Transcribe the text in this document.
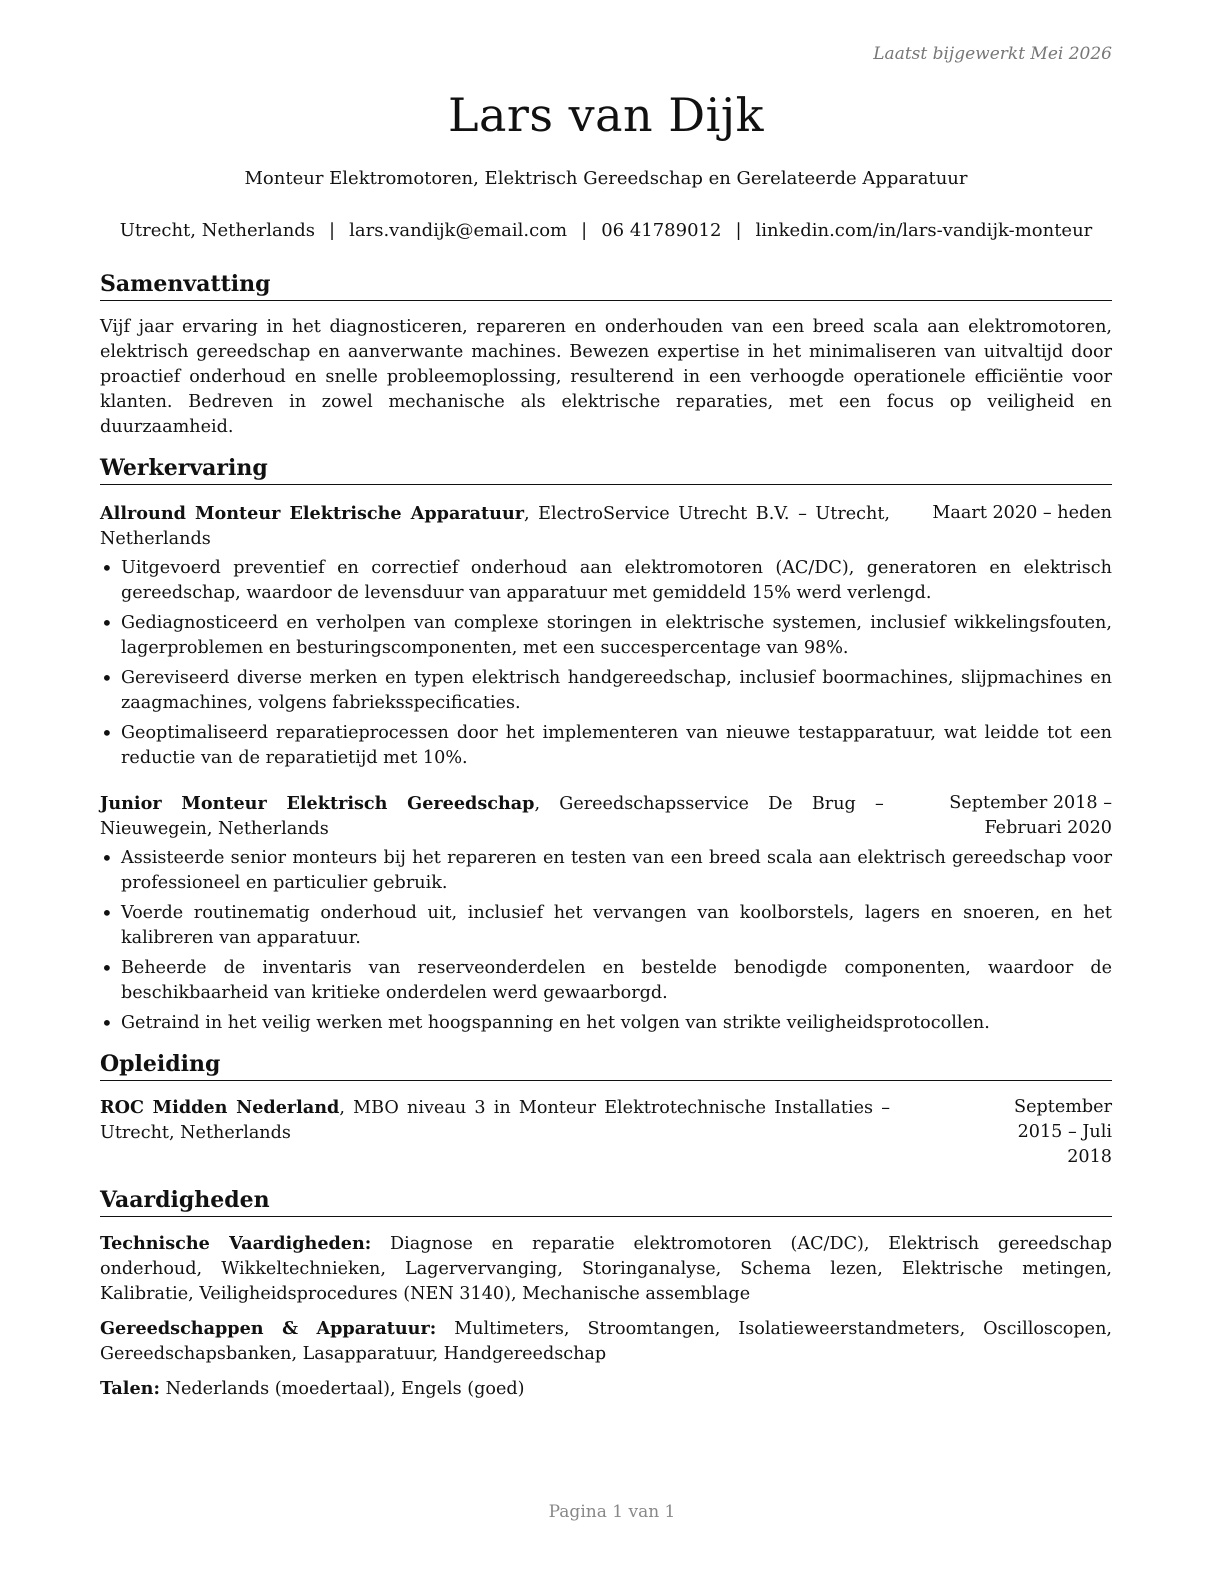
Laatst bijgewerkt Mei 2026
Lars van Dijk
Monteur Elektromotoren, Elektrisch Gereedschap en Gerelateerde Apparatuur
Utrecht, Netherlands | lars.vandijk@email.com | 06 41789012 | linkedin.com/in/lars-vandijk-monteur
Samenvatting

Vijf jaar ervaring in het diagnosticeren, repareren en onderhouden van een breed scala aan elektromotoren, elektrisch gereedschap en aanverwante machines. Bewezen expertise in het minimaliseren van uitvaltijd door proactief onderhoud en snelle probleemoplossing, resulterend in een verhoogde operationele efficiëntie voor klanten. Bedreven in zowel mechanische als elektrische reparaties, met een focus op veiligheid en duurzaamheid.

Werkervaring
Allround Monteur Elektrische Apparatuur, ElectroService Utrecht B.V. – Utrecht, Netherlands
Maart 2020 – heden
• Uitgevoerd preventief en correctief onderhoud aan elektromotoren (AC/DC), generatoren en elektrisch gereedschap, waardoor de levensduur van apparatuur met gemiddeld 15% werd verlengd.
• Gediagnosticeerd en verholpen van complexe storingen in elektrische systemen, inclusief wikkelingsfouten, lagerproblemen en besturingscomponenten, met een succespercentage van 98%.
• Gereviseerd diverse merken en typen elektrisch handgereedschap, inclusief boormachines, slijpmachines en zaagmachines, volgens fabrieksspecificaties.
• Geoptimaliseerd reparatieprocessen door het implementeren van nieuwe testapparatuur, wat leidde tot een reductie van de reparatietijd met 10%.
Junior Monteur Elektrisch Gereedschap, Gereedschapsservice De Brug – Nieuwegein, Netherlands
September 2018 – Februari 2020
• Assisteerde senior monteurs bij het repareren en testen van een breed scala aan elektrisch gereedschap voor professioneel en particulier gebruik.
• Voerde routinematig onderhoud uit, inclusief het vervangen van koolborstels, lagers en snoeren, en het kalibreren van apparatuur.
• Beheerde de inventaris van reserveonderdelen en bestelde benodigde componenten, waardoor de beschikbaarheid van kritieke onderdelen werd gewaarborgd.
• Getraind in het veilig werken met hoogspanning en het volgen van strikte veiligheidsprotocollen.
Opleiding
ROC Midden Nederland, MBO niveau 3 in Monteur Elektrotechnische Installaties – Utrecht, Netherlands
September 2015 – Juli 2018
Vaardigheden

Technische Vaardigheden: Diagnose en reparatie elektromotoren (AC/DC), Elektrisch gereedschap onderhoud, Wikkeltechnieken, Lagervervanging, Storinganalyse, Schema lezen, Elektrische metingen, Kalibratie, Veiligheidsprocedures (NEN 3140), Mechanische assemblage

Gereedschappen & Apparatuur: Multimeters, Stroomtangen, Isolatieweerstandmeters, Oscilloscopen, Gereedschapsbanken, Lasapparatuur, Handgereedschap

Talen: Nederlands (moedertaal), Engels (goed)

Pagina 1 van 1
